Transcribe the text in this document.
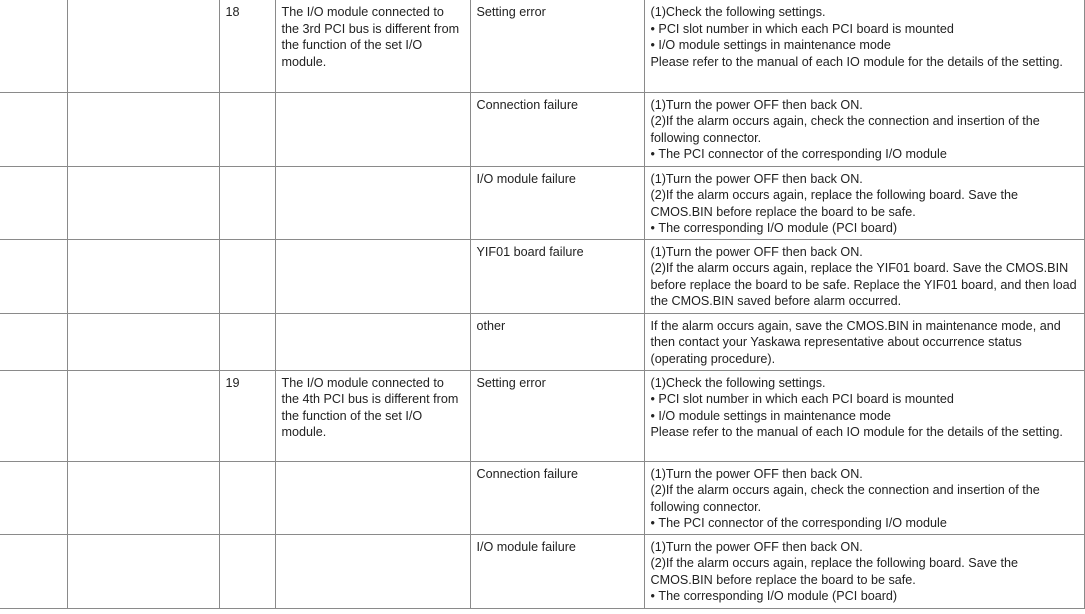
		18	The I/O module connected to the 3rd PCI bus is different from the function of the set I/O module.	Setting error	(1)Check the following settings.
• PCI slot number in which each PCI board is mounted
• I/O module settings in maintenance mode
Please refer to the manual of each IO module for the details of the setting.

				Connection failure	(1)Turn the power OFF then back ON.
(2)If the alarm occurs again, check the connection and insertion of the following connector.
• The PCI connector of the corresponding I/O module

				I/O module failure	(1)Turn the power OFF then back ON.
(2)If the alarm occurs again, replace the following board. Save the CMOS.BIN before replace the board to be safe.
• The corresponding I/O module (PCI board)

				YIF01 board failure	(1)Turn the power OFF then back ON.
(2)If the alarm occurs again, replace the YIF01 board. Save the CMOS.BIN before replace the board to be safe. Replace the YIF01 board, and then load the CMOS.BIN saved before alarm occurred.

				other	If the alarm occurs again, save the CMOS.BIN in maintenance mode, and then contact your Yaskawa representative about occurrence status (operating procedure).

		19	The I/O module connected to the 4th PCI bus is different from the function of the set I/O module.	Setting error	(1)Check the following settings.
• PCI slot number in which each PCI board is mounted
• I/O module settings in maintenance mode
Please refer to the manual of each IO module for the details of the setting.

				Connection failure	(1)Turn the power OFF then back ON.
(2)If the alarm occurs again, check the connection and insertion of the following connector.
• The PCI connector of the corresponding I/O module

				I/O module failure	(1)Turn the power OFF then back ON.
(2)If the alarm occurs again, replace the following board. Save the CMOS.BIN before replace the board to be safe.
• The corresponding I/O module (PCI board)
